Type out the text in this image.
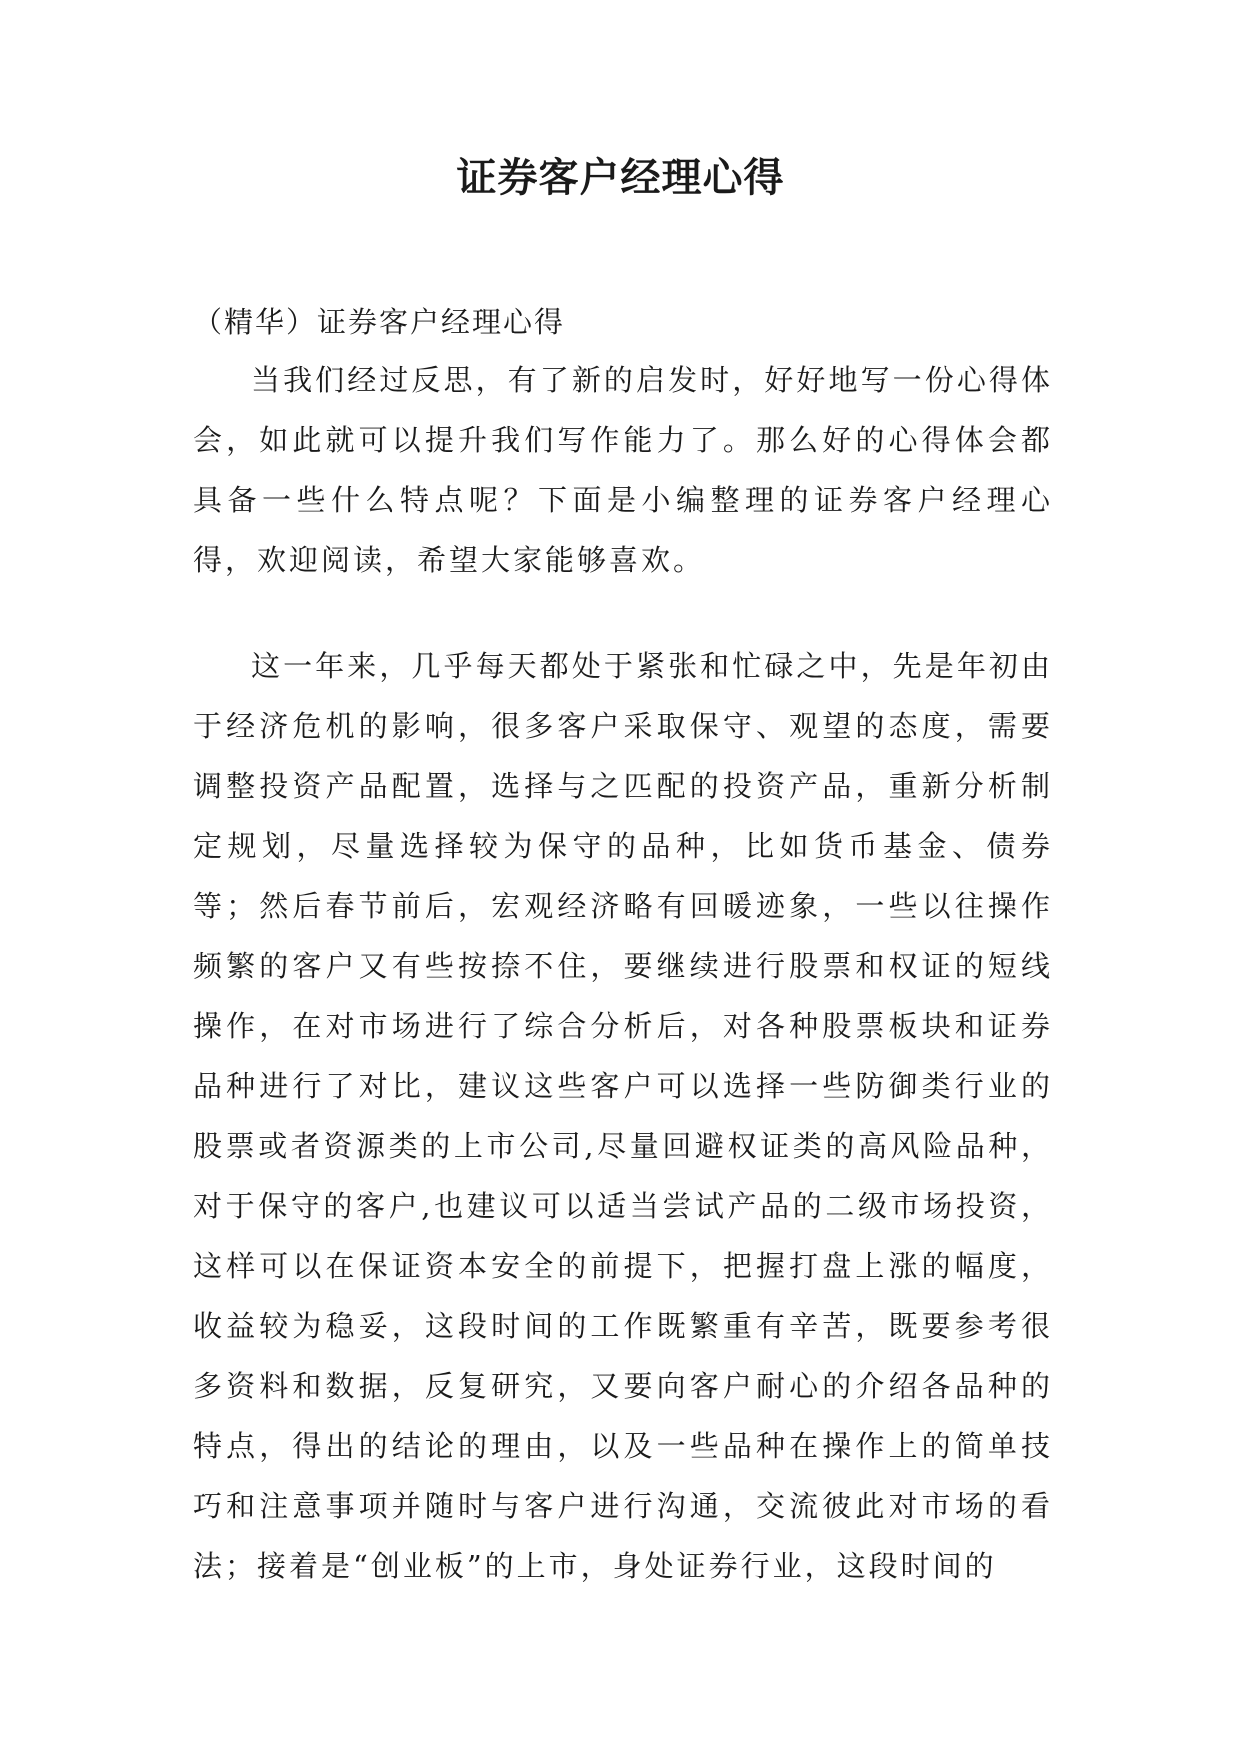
证券客户经理心得

（精华）证券客户经理心得

当我们经过反思，有了新的启发时，好好地写一份心得体会，如此就可以提升我们写作能力了。那么好的心得体会都具备一些什么特点呢？下面是小编整理的证券客户经理心得，欢迎阅读，希望大家能够喜欢。

这一年来，几乎每天都处于紧张和忙碌之中，先是年初由于经济危机的影响，很多客户采取保守、观望的态度，需要调整投资产品配置，选择与之匹配的投资产品，重新分析制定规划，尽量选择较为保守的品种，比如货币基金、债券等；然后春节前后，宏观经济略有回暖迹象，一些以往操作频繁的客户又有些按捺不住，要继续进行股票和权证的短线操作，在对市场进行了综合分析后，对各种股票板块和证券品种进行了对比，建议这些客户可以选择一些防御类行业的股票或者资源类的上市公司,尽量回避权证类的高风险品种，对于保守的客户,也建议可以适当尝试产品的二级市场投资，这样可以在保证资本安全的前提下，把握打盘上涨的幅度，收益较为稳妥，这段时间的工作既繁重有辛苦，既要参考很多资料和数据，反复研究，又要向客户耐心的介绍各品种的特点，得出的结论的理由，以及一些品种在操作上的简单技巧和注意事项并随时与客户进行沟通，交流彼此对市场的看法；接着是“创业板”的上市，身处证券行业，这段时间的
